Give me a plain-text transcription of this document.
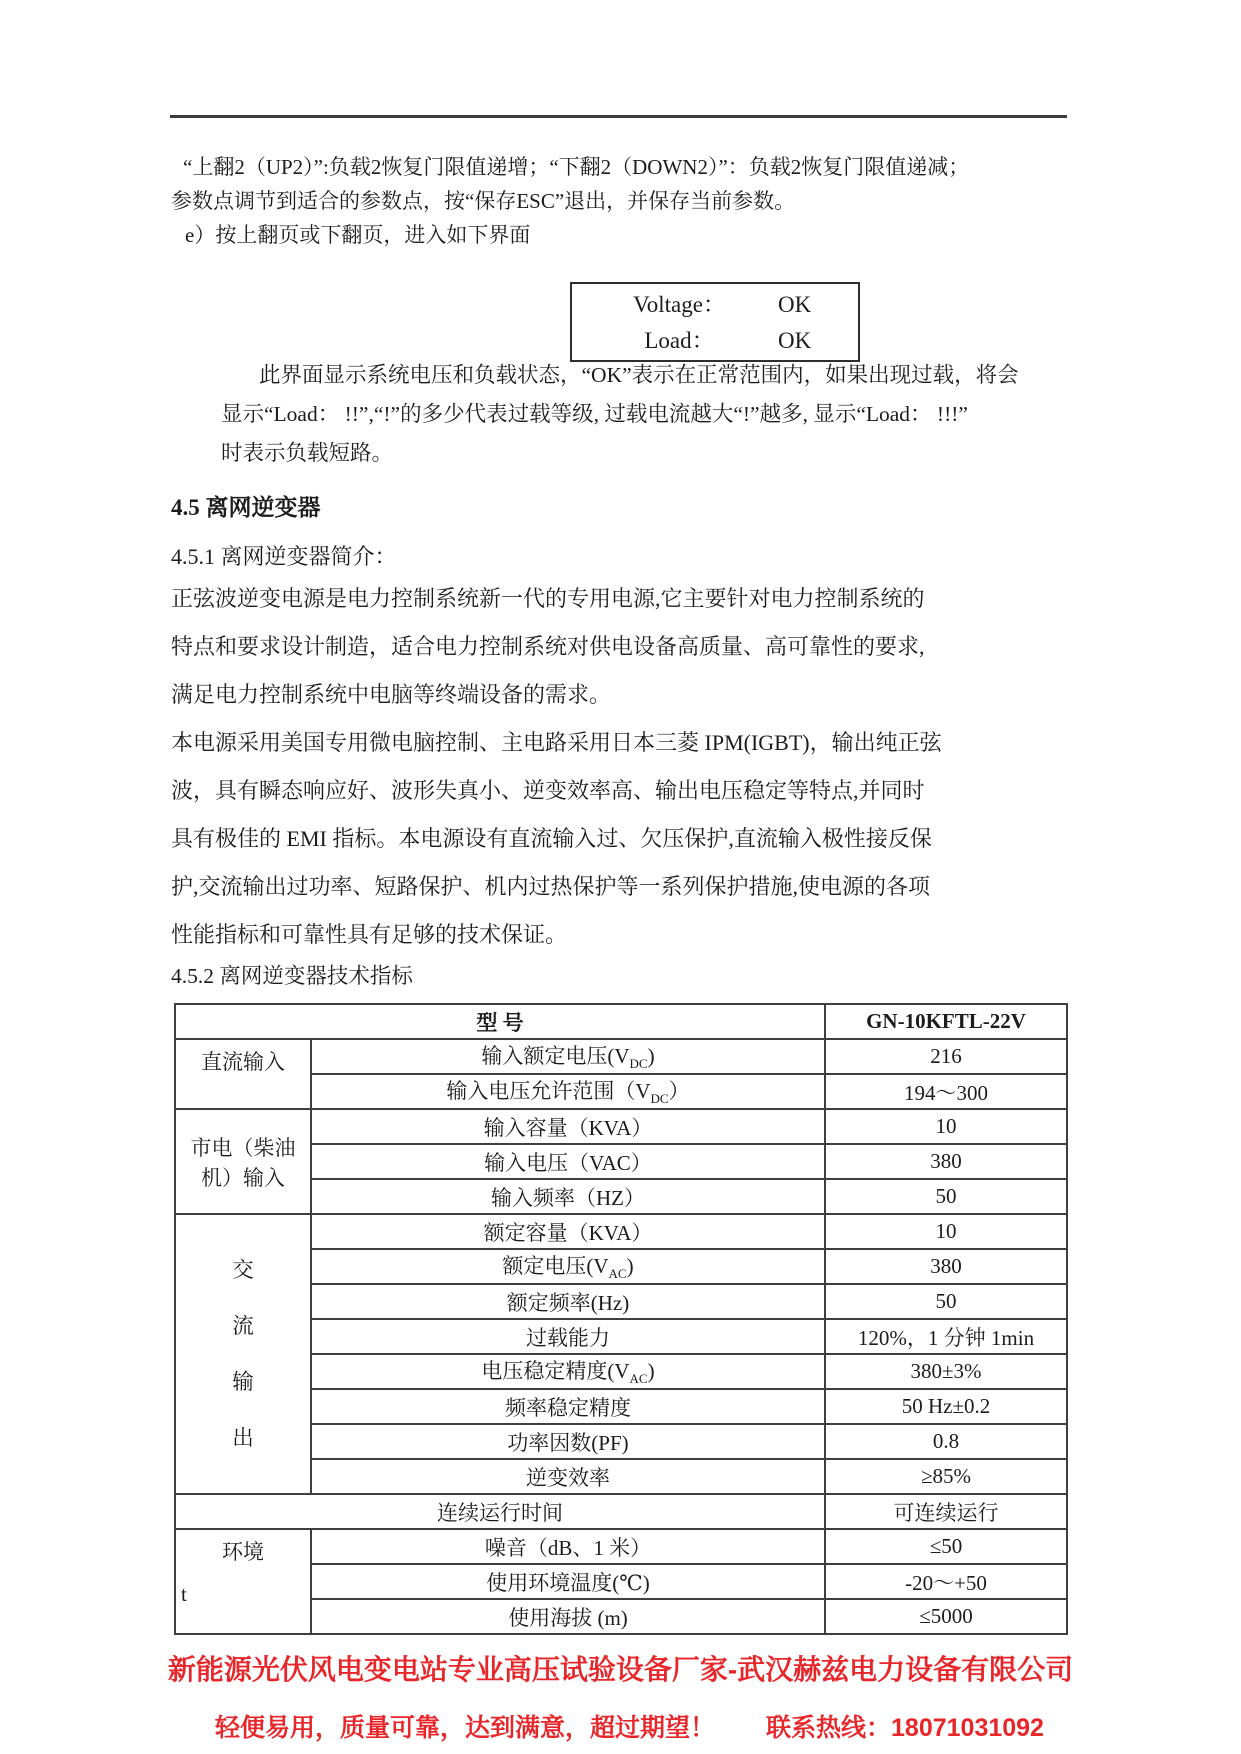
“上翻2（UP2）”:负载2恢复门限值递增；“下翻2（DOWN2）”：负载2恢复门限值递减；
参数点调节到适合的参数点，按“保存ESC”退出，并保存当前参数。
e）按上翻页或下翻页，进入如下界面
Voltage：	OK
Load：	OK
此界面显示系统电压和负载状态，“OK”表示在正常范围内，如果出现过载，将会
显示“Load： !!”,“!”的多少代表过载等级, 过载电流越大“!”越多, 显示“Load： !!!”
时表示负载短路。
4.5 离网逆变器
4.5.1 离网逆变器简介：
正弦波逆变电源是电力控制系统新一代的专用电源,它主要针对电力控制系统的
特点和要求设计制造，适合电力控制系统对供电设备高质量、高可靠性的要求,
满足电力控制系统中电脑等终端设备的需求。
本电源采用美国专用微电脑控制、主电路采用日本三菱 IPM(IGBT)，输出纯正弦
波，具有瞬态响应好、波形失真小、逆变效率高、输出电压稳定等特点,并同时
具有极佳的 EMI 指标。本电源设有直流输入过、欠压保护,直流输入极性接反保
护,交流输出过功率、短路保护、机内过热保护等一系列保护措施,使电源的各项
性能指标和可靠性具有足够的技术保证。
4.5.2 离网逆变器技术指标
型 号		GN-10KFTL-22V
直流输入	输入额定电压$(V_{DC})$	216
	输入电压允许范围$(V_{DC})$	194～300
市电（柴油机）输入	输入容量（KVA）	10
	输入电压（VAC）	380
	输入频率（HZ）	50

交
流
输
出	额定容量（KVA）	10
	额定电压$(V_{AC})$	380
	额定频率(Hz)	50
	过载能力	120%，1 分钟 1min
	电压稳定精度$(V_{AC})$	380±3%
	频率稳定精度	50 Hz±0.2
	功率因数(PF)	0.8
	逆变效率	≥85%
连续运行时间		可连续运行
环境
t	噪音（dB、1 米）	≤50
	使用环境温度(℃)	-20～+50
	使用海拔 (m)	≤5000
新能源光伏风电变电站专业高压试验设备厂家-武汉赫兹电力设备有限公司
轻便易用，质量可靠，达到满意，超过期望！ 联系热线：18071031092
